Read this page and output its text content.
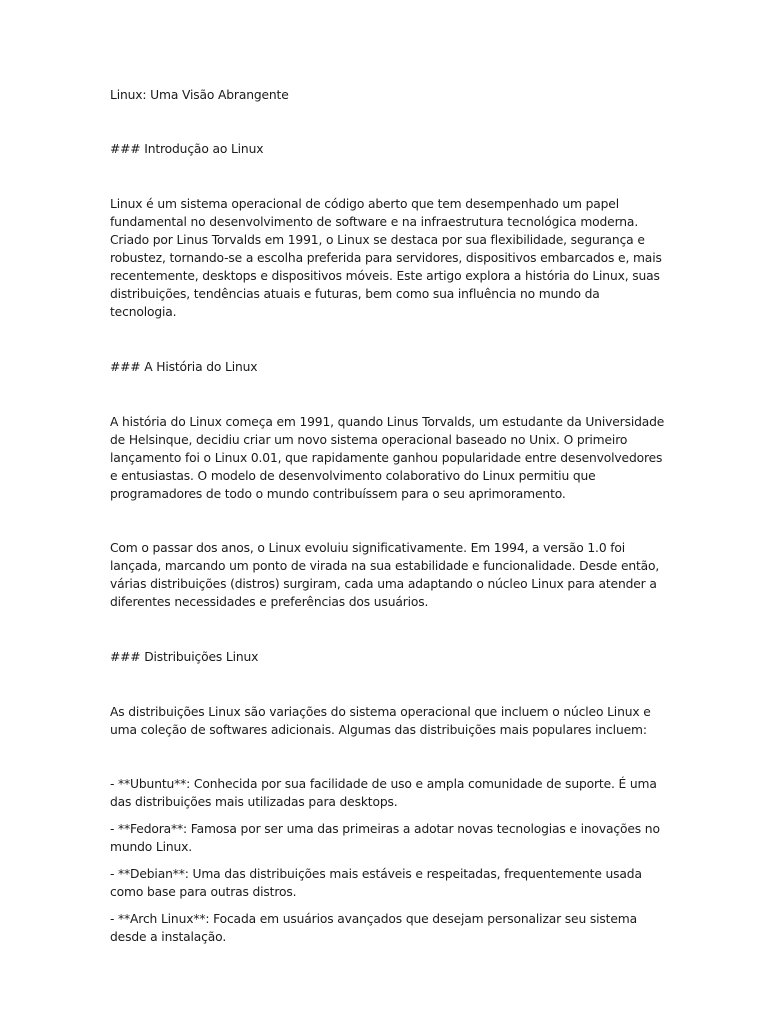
Linux: Uma Visão Abrangente

### Introdução ao Linux

Linux é um sistema operacional de código aberto que tem desempenhado um papel fundamental no desenvolvimento de software e na infraestrutura tecnológica moderna. Criado por Linus Torvalds em 1991, o Linux se destaca por sua flexibilidade, segurança e robustez, tornando-se a escolha preferida para servidores, dispositivos embarcados e, mais recentemente, desktops e dispositivos móveis. Este artigo explora a história do Linux, suas distribuições, tendências atuais e futuras, bem como sua influência no mundo da tecnologia.

### A História do Linux

A história do Linux começa em 1991, quando Linus Torvalds, um estudante da Universidade de Helsinque, decidiu criar um novo sistema operacional baseado no Unix. O primeiro lançamento foi o Linux 0.01, que rapidamente ganhou popularidade entre desenvolvedores e entusiastas. O modelo de desenvolvimento colaborativo do Linux permitiu que programadores de todo o mundo contribuíssem para o seu aprimoramento.

Com o passar dos anos, o Linux evoluiu significativamente. Em 1994, a versão 1.0 foi lançada, marcando um ponto de virada na sua estabilidade e funcionalidade. Desde então, várias distribuições (distros) surgiram, cada uma adaptando o núcleo Linux para atender a diferentes necessidades e preferências dos usuários.

### Distribuições Linux

As distribuições Linux são variações do sistema operacional que incluem o núcleo Linux e uma coleção de softwares adicionais. Algumas das distribuições mais populares incluem:

- **Ubuntu**: Conhecida por sua facilidade de uso e ampla comunidade de suporte. É uma das distribuições mais utilizadas para desktops.

- **Fedora**: Famosa por ser uma das primeiras a adotar novas tecnologias e inovações no mundo Linux.

- **Debian**: Uma das distribuições mais estáveis e respeitadas, frequentemente usada como base para outras distros.

- **Arch Linux**: Focada em usuários avançados que desejam personalizar seu sistema desde a instalação.
